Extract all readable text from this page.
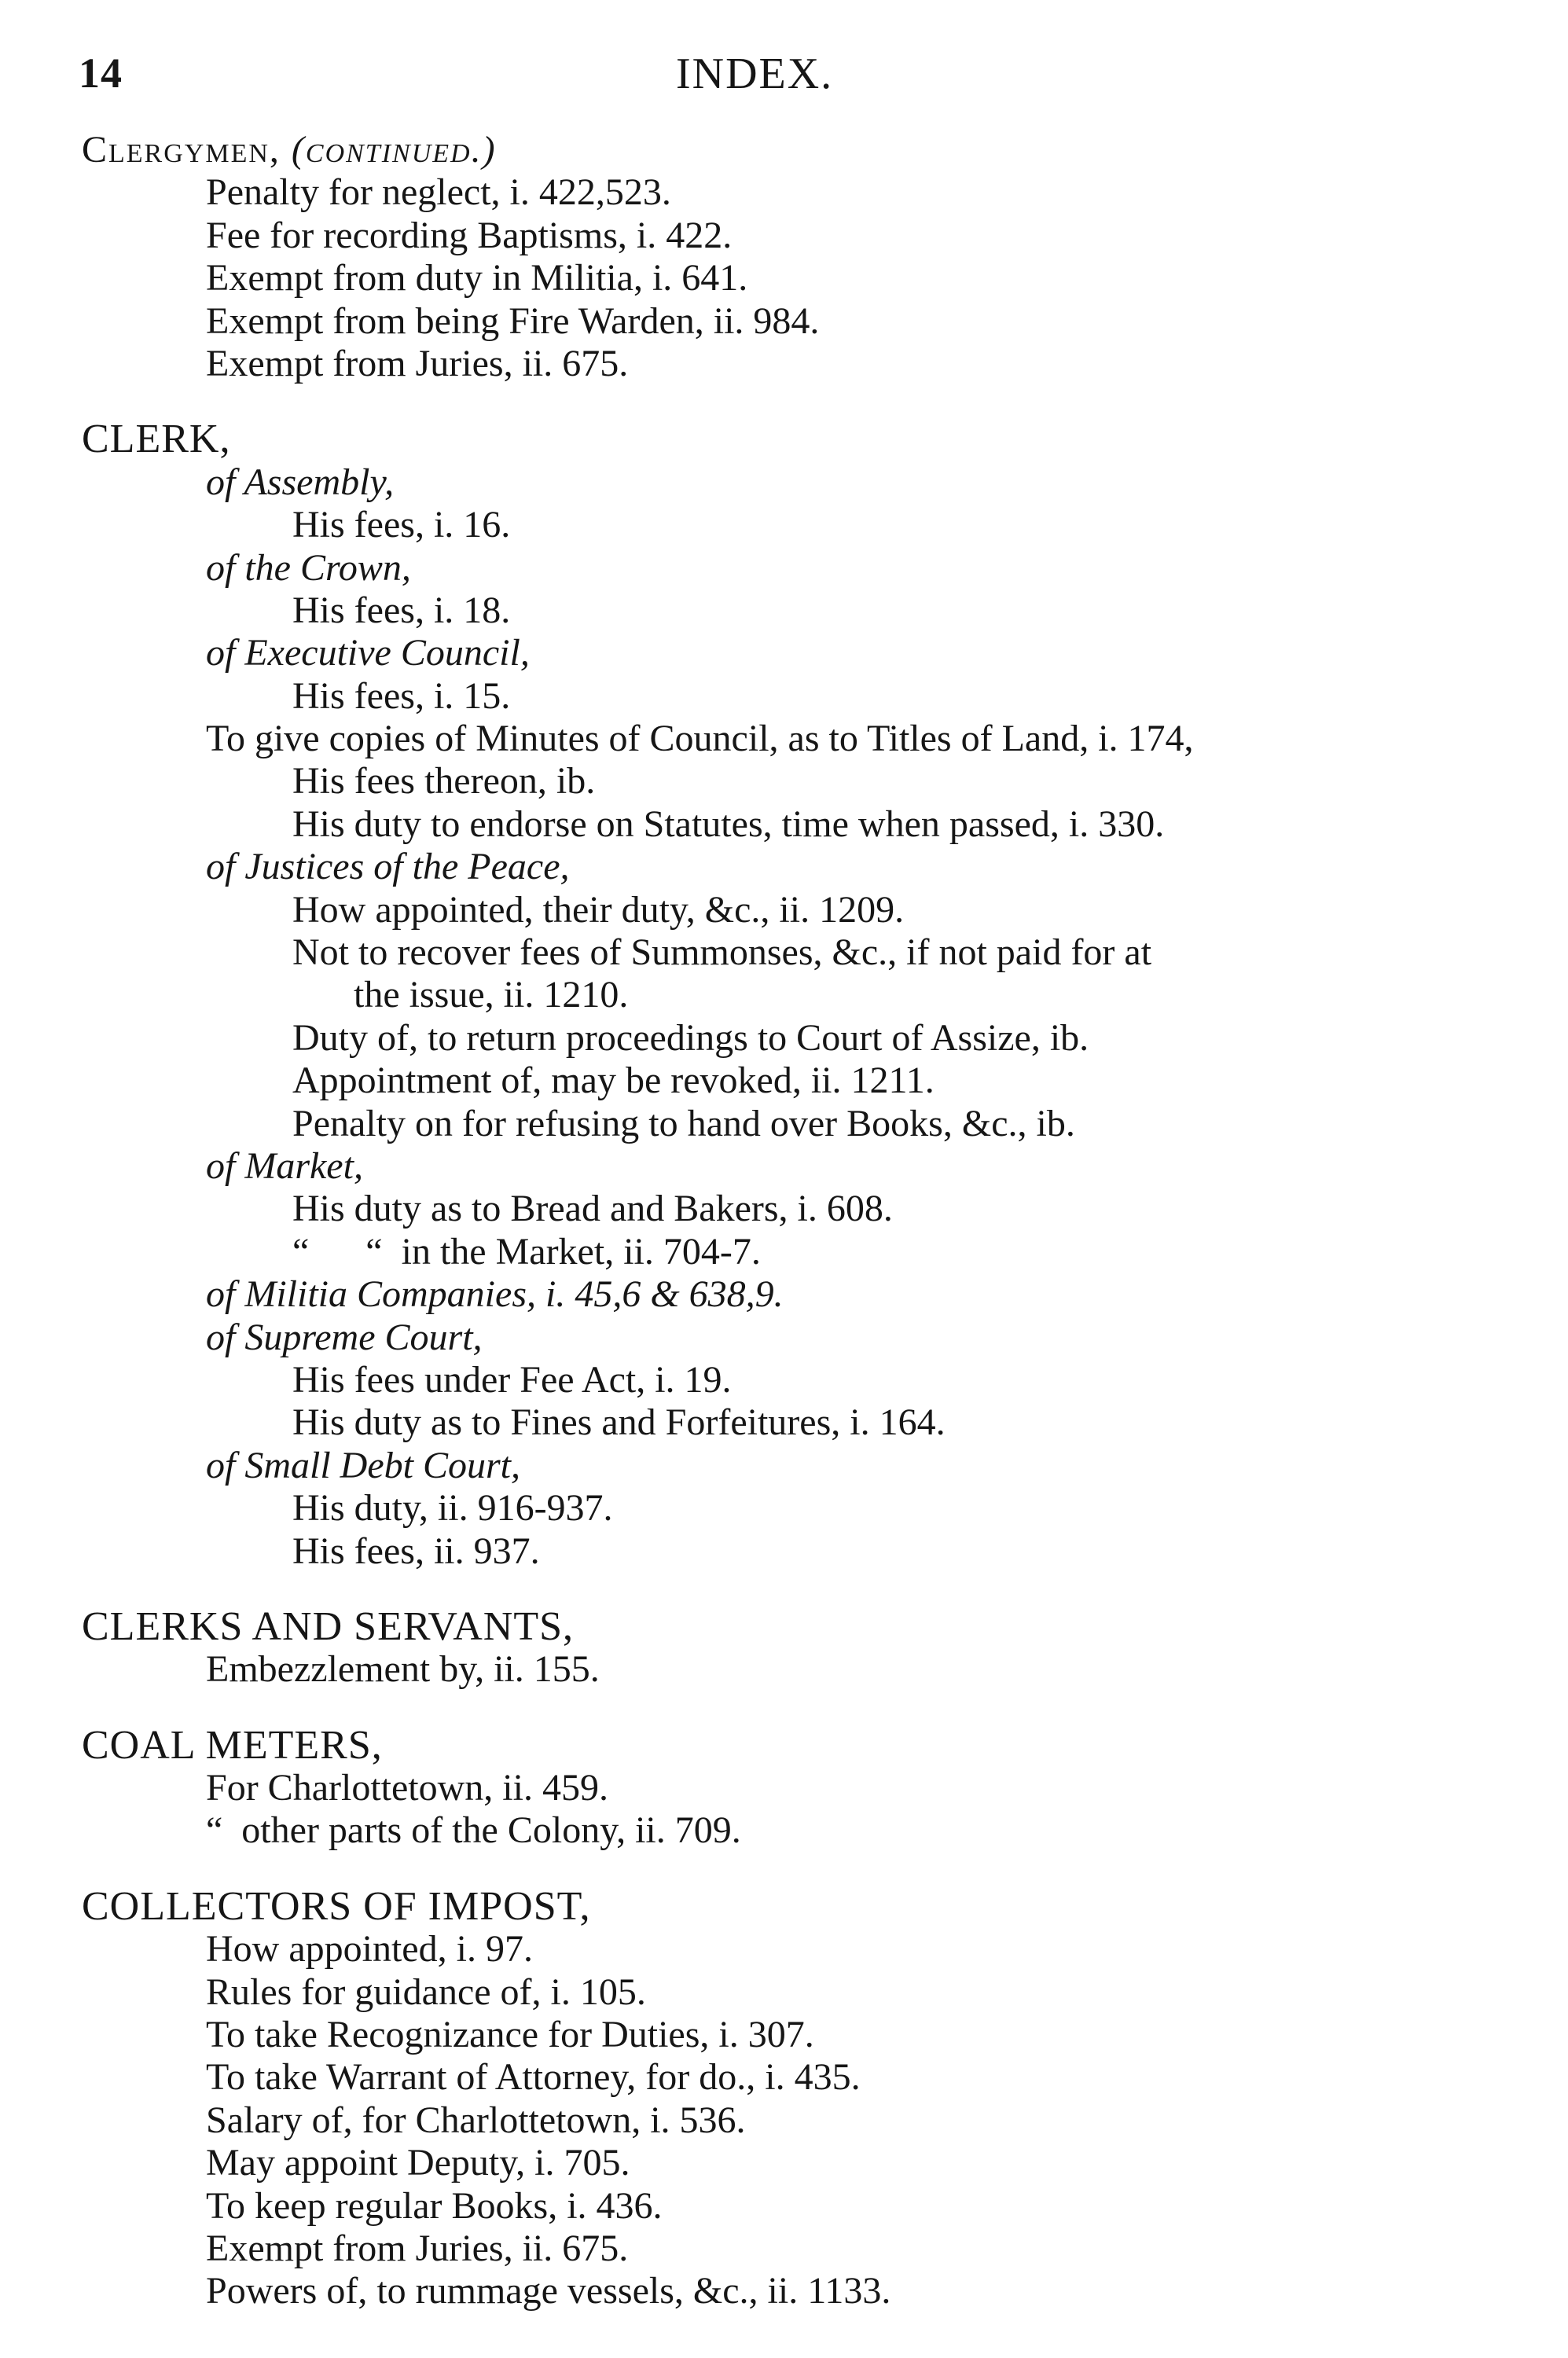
14	INDEX.
Clergymen, (continued.)
Penalty for neglect, i. 422,523.
Fee for recording Baptisms, i. 422.
Exempt from duty in Militia, i. 641.
Exempt from being Fire Warden, ii. 984.
Exempt from Juries, ii. 675.
CLERK,
of Assembly,
His fees, i. 16.
of the Crown,
His fees, i. 18.
of Executive Council,
His fees, i. 15.
To give copies of Minutes of Council, as to Titles of Land, i. 174,
His fees thereon, ib.
His duty to endorse on Statutes, time when passed, i. 330.
of Justices of the Peace,
How appointed, their duty, &c., ii. 1209.
Not to recover fees of Summonses, &c., if not paid for at
the issue, ii. 1210.
Duty of, to return proceedings to Court of Assize, ib.
Appointment of, may be revoked, ii. 1211.
Penalty on for refusing to hand over Books, &c., ib.
of Market,
His duty as to Bread and Bakers, i. 608.
“      “  in the Market, ii. 704-7.
of Militia Companies, i. 45,6 & 638,9.
of Supreme Court,
His fees under Fee Act, i. 19.
His duty as to Fines and Forfeitures, i. 164.
of Small Debt Court,
His duty, ii. 916-937.
His fees, ii. 937.
CLERKS AND SERVANTS,
Embezzlement by, ii. 155.
COAL METERS,
For Charlottetown, ii. 459.
“  other parts of the Colony, ii. 709.
COLLECTORS OF IMPOST,
How appointed, i. 97.
Rules for guidance of, i. 105.
To take Recognizance for Duties, i. 307.
To take Warrant of Attorney, for do., i. 435.
Salary of, for Charlottetown, i. 536.
May appoint Deputy, i. 705.
To keep regular Books, i. 436.
Exempt from Juries, ii. 675.
Powers of, to rummage vessels, &c., ii. 1133.
